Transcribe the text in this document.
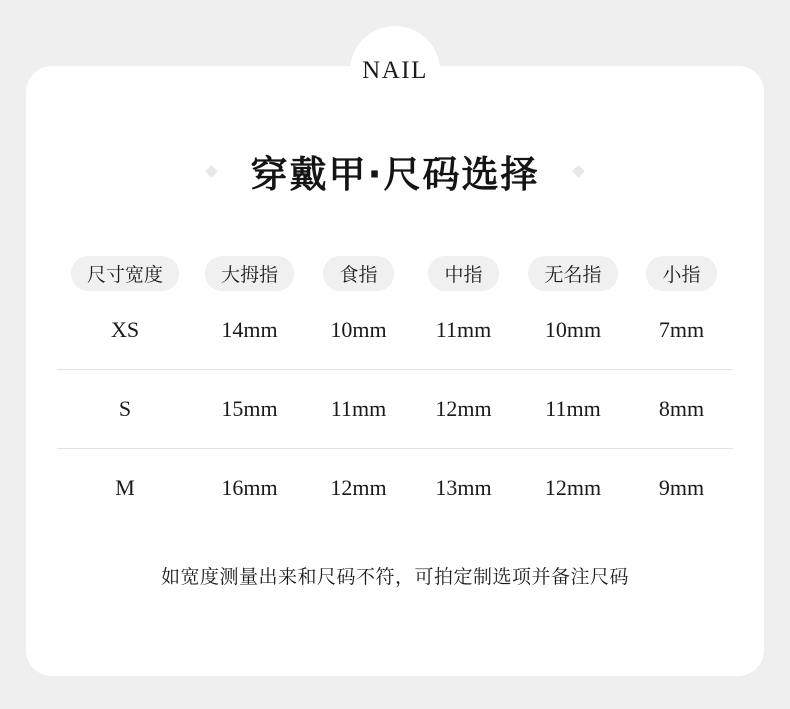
NAIL
穿戴甲·尺码选择
尺寸宽度	大拇指	食指	中指	无名指	小指
XS	14mm	10mm	11mm	10mm	7mm
S	15mm	11mm	12mm	11mm	8mm
M	16mm	12mm	13mm	12mm	9mm
如宽度测量出来和尺码不符，可拍定制选项并备注尺码
